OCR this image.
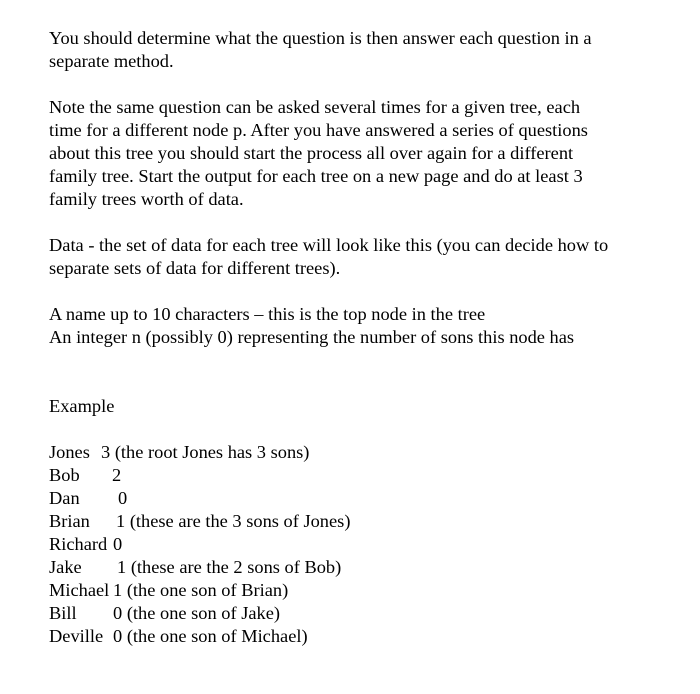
You should determine what the question is then answer each question in a
separate method.

Note the same question can be asked several times for a given tree, each
time for a different node p. After you have answered a series of questions
about this tree you should start the process all over again for a different
family tree. Start the output for each tree on a new page and do at least 3
family trees worth of data.

Data - the set of data for each tree will look like this (you can decide how to
separate sets of data for different trees).

A name up to 10 characters – this is the top node in the tree
An integer n (possibly 0) representing the number of sons this node has

Example

Jones 3 (the root Jones has 3 sons)
Bob 2
Dan 0
Brian 1 (these are the 3 sons of Jones)
Richard 0
Jake 1 (these are the 2 sons of Bob)
Michael 1 (the one son of Brian)
Bill 0 (the one son of Jake)
Deville 0 (the one son of Michael)
